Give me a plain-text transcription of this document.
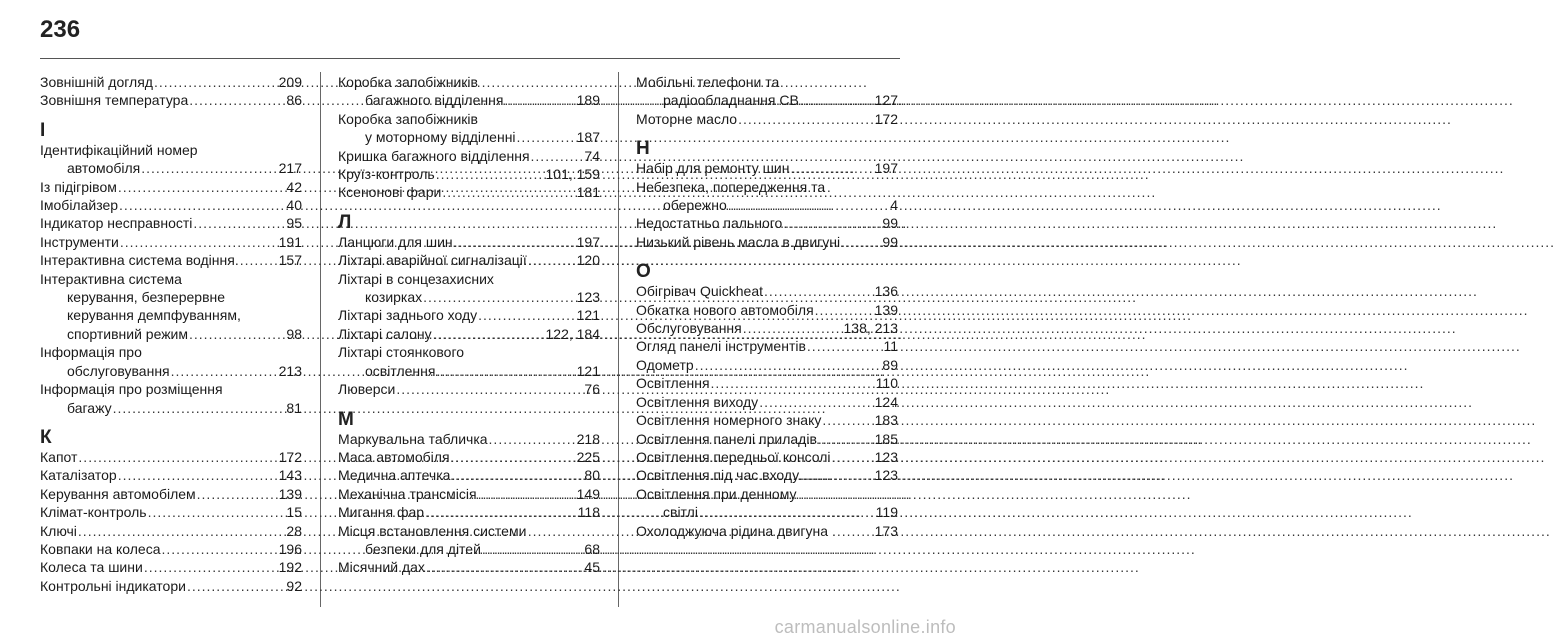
236
Зовнішній догляд .....	209
Зовнішня температура .....	86
І
Ідентифікаційний номер
автомобіля .....	217
Із підігрівом .....	42
Імобілайзер .....	40
Індикатор несправності .....	95
Інструменти .....	191
Інтерактивна система водіння. .....	157
Інтерактивна система
керування, безперервне
керування демпфуванням,
спортивний режим .....	98
Інформація про
обслуговування .....	213
Інформація про розміщення
багажу .....	81
К
Капот .....	172
Каталізатор .....	143
Керування автомобілем .....	139
Клімат-контроль .....	15
Ключі .....	28
Ковпаки на колеса .....	196
Колеса та шини .....	192
Контрольні індикатори .....	92
Коробка запобіжників
багажного відділення .....	189
Коробка запобіжників
у моторному відділенні .....	187
Кришка багажного відділення .....	74
Круїз-контроль .....	101, 159
Ксенонові фари .....	181
Л
Ланцюги для шин .....	197
Ліхтарі аварійної сигналізації .....	120
Ліхтарі в сонцезахисних
козирках .....	123
Ліхтарі заднього ходу .....	121
Ліхтарі салону .....	122, 184
Ліхтарі стоянкового
освітлення .....	121
Люверси .....	76
М
Маркувальна табличка .....	218
Маса автомобіля .....	225
Медична аптечка .....	80
Механічна трансмісія .....	149
Мигання фар .....	118
Місця встановлення системи
безпеки для дітей .....	68
Місячний дах .....	45
Мобільні телефони та
радіообладнання СВ .....	127
Моторне масло .....	172
Н
Набір для ремонту шин .....	197
Небезпека, попередження та
обережно .....	4
Недостатньо пального .....	99
Низький рівень масла в двигуні .....	99
О
Обігрівач Quickheat .....	136
Обкатка нового автомобіля .....	139
Обслуговування .....	138, 213
Огляд панелі інструментів .....	11
Одометр .....	89
Освітлення .....	110
Освітлення виходу .....	124
Освітлення номерного знаку .....	183
Освітлення панелі приладів .....	185
Освітлення передньої консолі .....	123
Освітлення під час входу .....	123
Освітлення при денному
світлі .....	119
Охолоджуюча рідина двигуна . .....	173
carmanualsonline.info
